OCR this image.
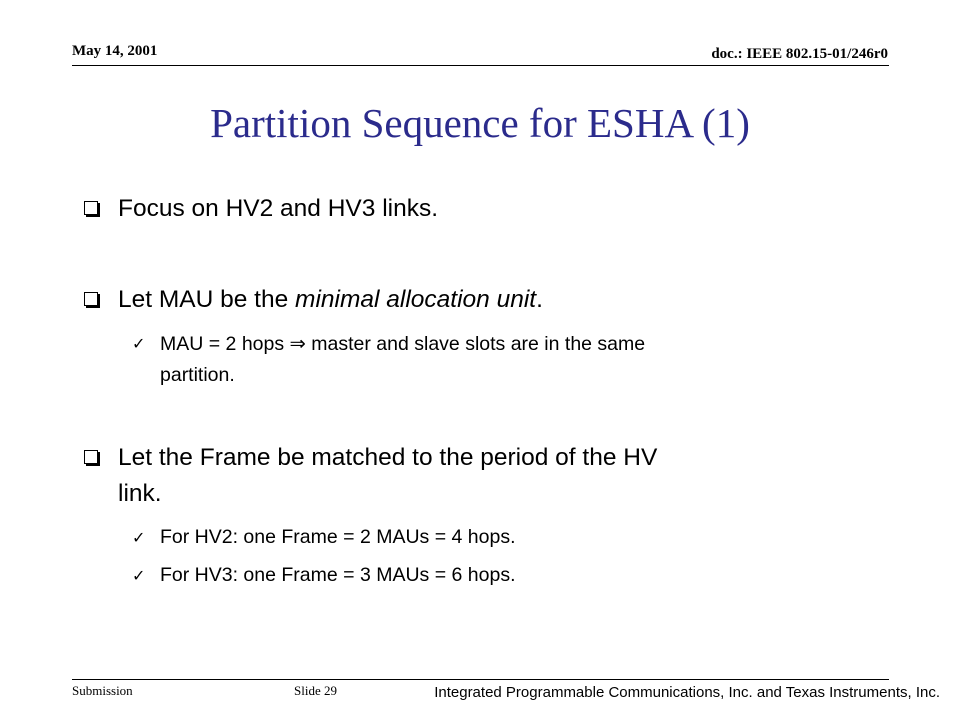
May 14, 2001	doc.: IEEE 802.15-01/246r0
Partition Sequence for ESHA (1)
Focus on HV2 and HV3 links.
Let MAU be the minimal allocation unit.
✓ MAU = 2 hops ⇒ master and slave slots are in the same
partition.
Let the Frame be matched to the period of the HV
link.
✓ For HV2: one Frame = 2 MAUs = 4 hops.
✓ For HV3: one Frame = 3 MAUs = 6 hops.
Submission	Slide 29	Integrated Programmable Communications, Inc. and Texas Instruments, Inc.
